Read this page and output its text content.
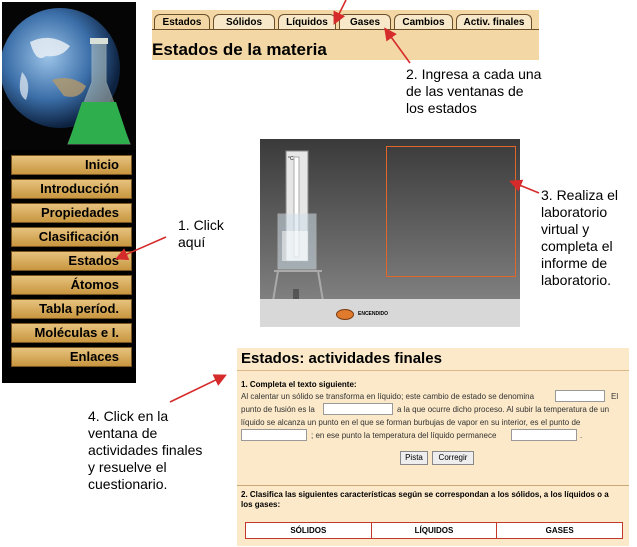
Inicio
Introducción
Propiedades
Clasificación
Estados
Átomos
Tabla períod.
Moléculas e I.
Enlaces
Estados	Sólidos	Líquidos	Gases	Cambios	Activ. finales
Estados de la materia
°C
ENCENDIDO
Estados: actividades finales
1. Completa el texto siguiente:
Al calentar un sólido se transforma en líquido; este cambio de estado se denomina	El
punto de fusión es la	a la que ocurre dicho proceso. Al subir la temperatura de un
líquido se alcanza un punto en el que se forman burbujas de vapor en su interior, es el punto de
; en ese punto la temperatura del líquido permanece	.
Pista	Corregir
2. Clasifica las siguientes características según se correspondan a los sólidos, a los líquidos o a
los gases:
SÓLIDOS	LÍQUIDOS	GASES
1. Click
aquí
2. Ingresa a cada una
de las ventanas de
los estados
3. Realiza el
laboratorio
virtual y
completa el
informe de
laboratorio.
4. Click en la
ventana de
actividades finales
y resuelve el
cuestionario.
